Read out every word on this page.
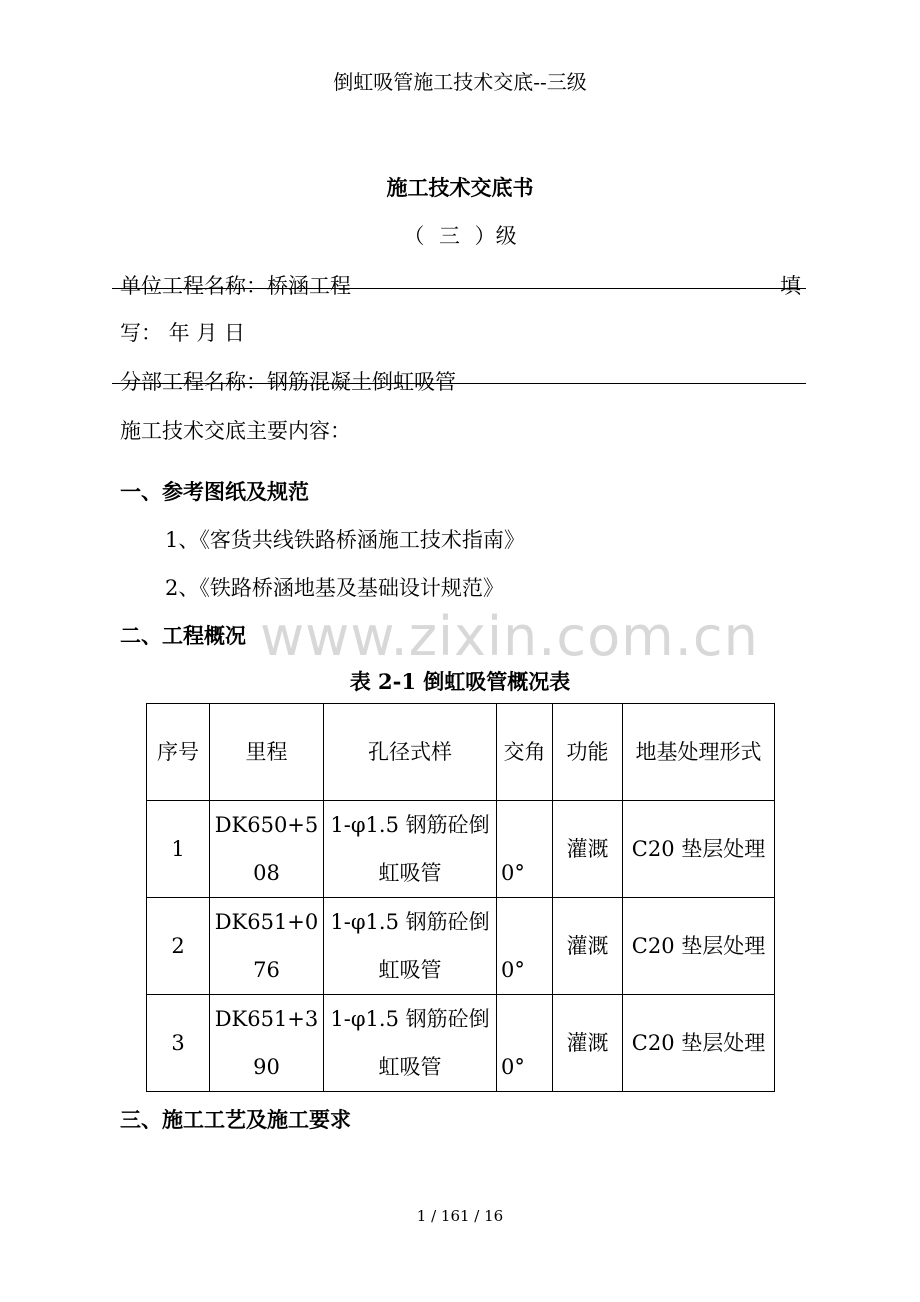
倒虹吸管施工技术交底--三级
施工技术交底书
（ 三 ）级
单位工程名称：桥涵工程	填
写： 年 月 日
分部工程名称：钢筋混凝土倒虹吸管
施工技术交底主要内容：
一、参考图纸及规范
1、《客货共线铁路桥涵施工技术指南》
2、《铁路桥涵地基及基础设计规范》
二、工程概况 www.zixin.com.cn
表 2-1 倒虹吸管概况表
序号	里程	孔径式样	交角	功能	地基处理形式
1	DK650+508	1-φ1.5 钢筋砼倒虹吸管	0°	灌溉	C20 垫层处理
2	DK651+076	1-φ1.5 钢筋砼倒虹吸管	0°	灌溉	C20 垫层处理
3	DK651+390	1-φ1.5 钢筋砼倒虹吸管	0°	灌溉	C20 垫层处理
三、施工工艺及施工要求
1 / 161 / 16
